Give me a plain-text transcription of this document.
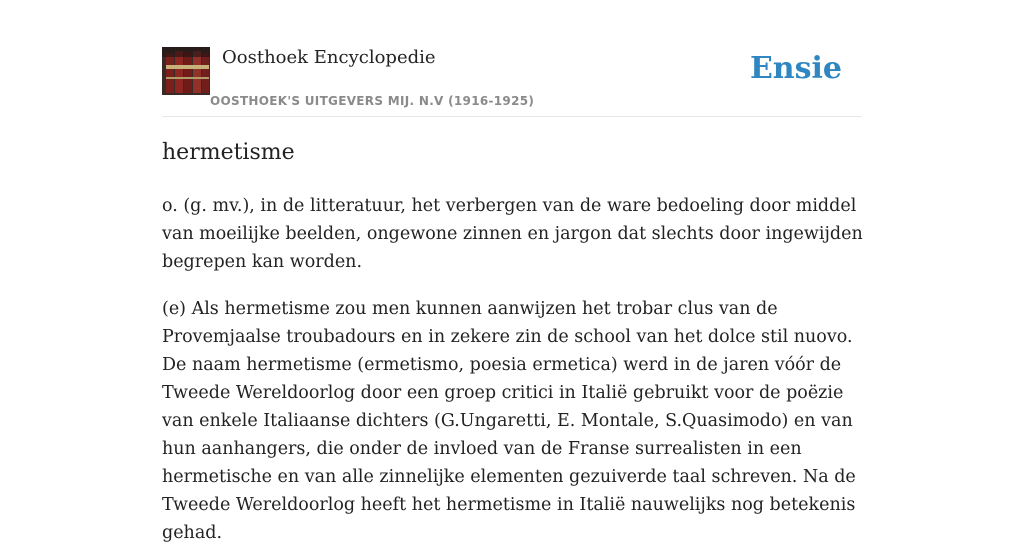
Oosthoek Encyclopedie
OOSTHOEK'S UITGEVERS MIJ. N.V (1916-1925)
Ensie
hermetisme

o. (g. mv.), in de litteratuur, het verbergen van de ware bedoeling door middel van moeilijke beelden, ongewone zinnen en jargon dat slechts door ingewijden begrepen kan worden.

(e) Als hermetisme zou men kunnen aanwijzen het trobar clus van de Provemjaalse troubadours en in zekere zin de school van het dolce stil nuovo. De naam hermetisme (ermetismo, poesia ermetica) werd in de jaren vóór de Tweede Wereldoorlog door een groep critici in Italië gebruikt voor de poëzie van enkele Italiaanse dichters (G.Ungaretti, E. Montale, S.Quasimodo) en van hun aanhangers, die onder de invloed van de Franse surrealisten in een hermetische en van alle zinnelijke elementen gezuiverde taal schreven. Na de Tweede Wereldoorlog heeft het hermetisme in Italië nauwelijks nog betekenis gehad.
